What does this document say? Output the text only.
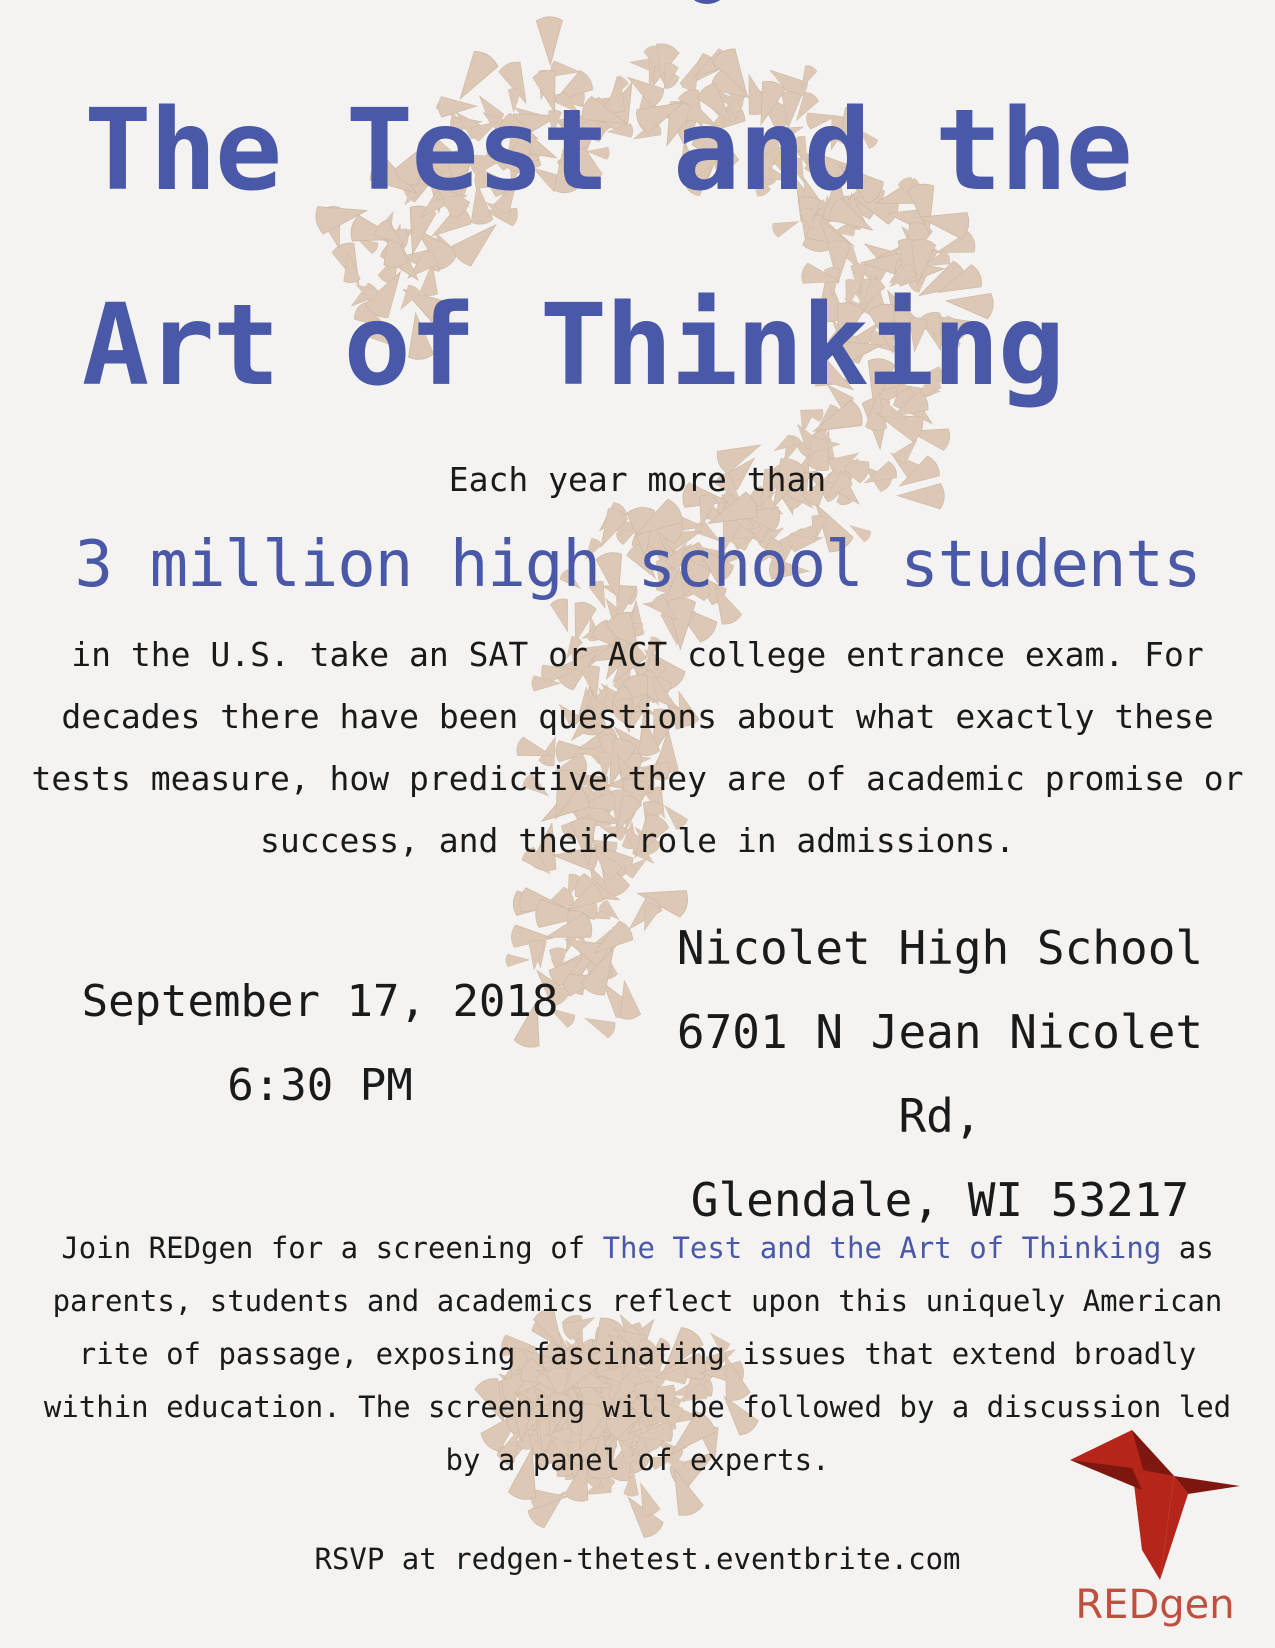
The Test and the
Art of Thinking
Each year more than
3 million high school students

in the U.S. take an SAT or ACT college entrance exam. For decades there have been questions about what exactly these tests measure, how predictive they are of academic promise or success, and their role in admissions.

September 17, 2018
6:30 PM
Nicolet High School
6701 N Jean Nicolet Rd,
Glendale, WI 53217

Join REDgen for a screening of The Test and the Art of Thinking as parents, students and academics reflect upon this uniquely American rite of passage, exposing fascinating issues that extend broadly within education. The screening will be followed by a discussion led by a panel of experts.

RSVP at redgen-thetest.eventbrite.com
REDgen
